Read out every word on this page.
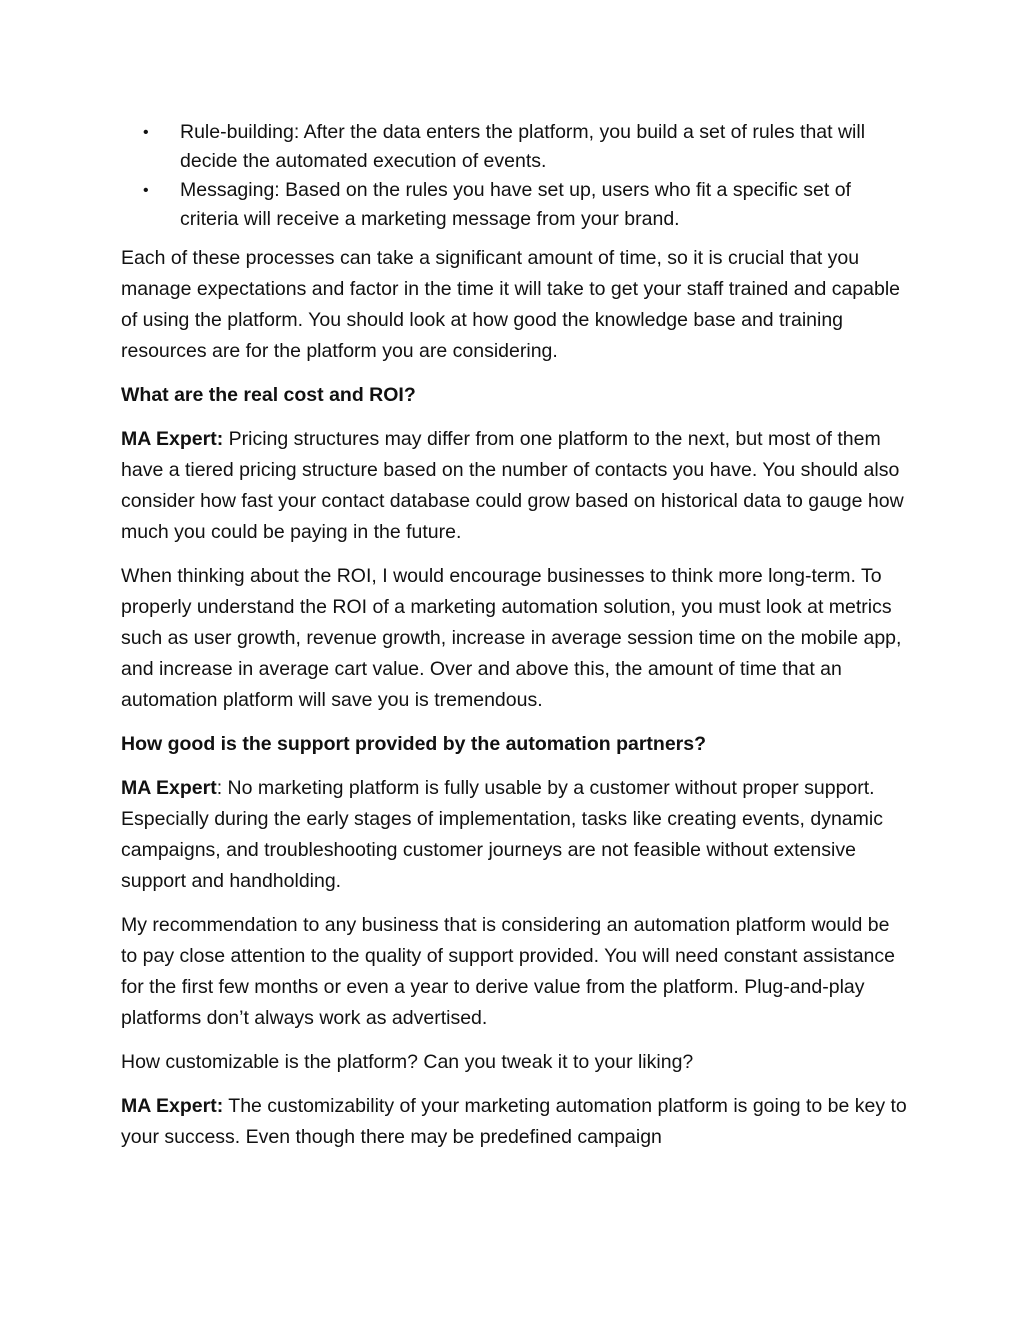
• Rule-building: After the data enters the platform, you build a set of rules that will decide the automated execution of events.
• Messaging: Based on the rules you have set up, users who fit a specific set of criteria will receive a marketing message from your brand.

Each of these processes can take a significant amount of time, so it is crucial that you manage expectations and factor in the time it will take to get your staff trained and capable of using the platform. You should look at how good the knowledge base and training resources are for the platform you are considering.

What are the real cost and ROI?

MA Expert: Pricing structures may differ from one platform to the next, but most of them have a tiered pricing structure based on the number of contacts you have. You should also consider how fast your contact database could grow based on historical data to gauge how much you could be paying in the future.

When thinking about the ROI, I would encourage businesses to think more long-term. To properly understand the ROI of a marketing automation solution, you must look at metrics such as user growth, revenue growth, increase in average session time on the mobile app, and increase in average cart value. Over and above this, the amount of time that an automation platform will save you is tremendous.

How good is the support provided by the automation partners?

MA Expert: No marketing platform is fully usable by a customer without proper support. Especially during the early stages of implementation, tasks like creating events, dynamic campaigns, and troubleshooting customer journeys are not feasible without extensive support and handholding.

My recommendation to any business that is considering an automation platform would be to pay close attention to the quality of support provided. You will need constant assistance for the first few months or even a year to derive value from the platform. Plug-and-play platforms don’t always work as advertised.

How customizable is the platform? Can you tweak it to your liking?

MA Expert: The customizability of your marketing automation platform is going to be key to your success. Even though there may be predefined campaign
